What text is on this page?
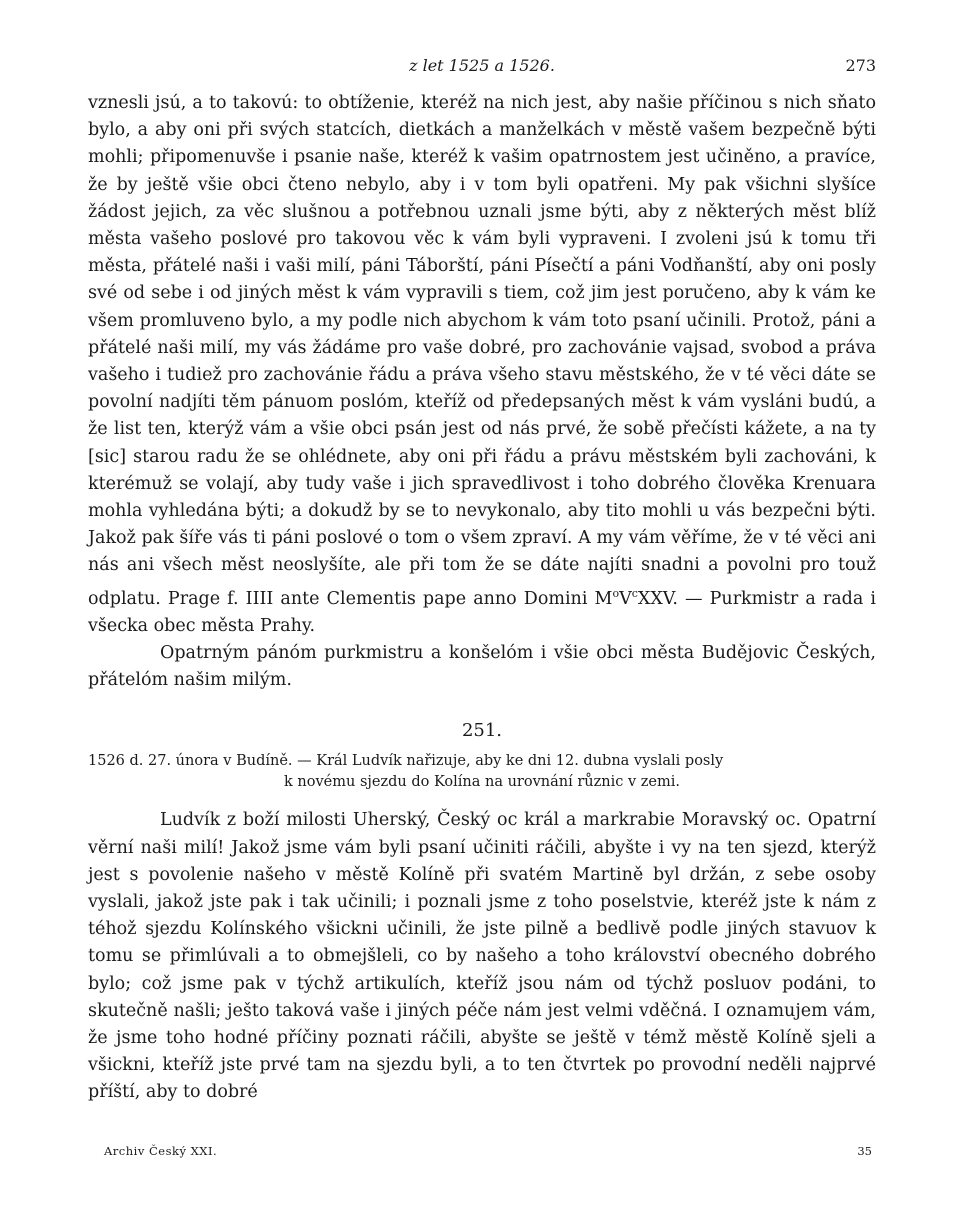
z let 1525 a 1526.	273

vznesli jsú, a to takovú: to obtíženie, kteréž na nich jest, aby našie příčinou s nich sňato bylo, a aby oni při svých statcích, dietkách a manželkách v městě vašem bezpečně býti mohli; připomenuvše i psanie naše, kteréž k vašim opatrnostem jest učiněno, a pravíce, že by ještě všie obci čteno nebylo, aby i v tom byli opatřeni. My pak všichni slyšíce žádost jejich, za věc slušnou a potřebnou uznali jsme býti, aby z některých měst blíž města vašeho poslové pro takovou věc k vám byli vypraveni. I zvoleni jsú k tomu tři města, přátelé naši i vaši milí, páni Táborští, páni Písečtí a páni Vodňanští, aby oni posly své od sebe i od jiných měst k vám vypravili s tiem, což jim jest poručeno, aby k vám ke všem promluveno bylo, a my podle nich abychom k vám toto psaní učinili. Protož, páni a přátelé naši milí, my vás žádáme pro vaše dobré, pro zachovánie vajsad, svobod a práva vašeho i tudiež pro zachovánie řádu a práva všeho stavu městského, že v té věci dáte se povolní nadjíti těm pánuom poslóm, kteříž od předepsaných měst k vám vysláni budú, a že list ten, kterýž vám a všie obci psán jest od nás prvé, že sobě přečísti kážete, a na ty [sic] starou radu že se ohlédnete, aby oni při řádu a právu městském byli zachováni, k kterémuž se volají, aby tudy vaše i jich spravedlivost i toho dobrého člověka Krenuara mohla vyhledána býti; a dokudž by se to nevykonalo, aby tito mohli u vás bezpečni býti. Jakož pak šíře vás ti páni poslové o tom o všem zpraví. A my vám věříme, že v té věci ani nás ani všech měst neoslyšíte, ale při tom že se dáte najíti snadni a povolni pro touž odplatu. Prage f. IIII ante Clementis pape anno Domini $M^oV^cXXV$. — Purkmistr a rada i všecka obec města Prahy.

Opatrným pánóm purkmistru a konšelóm i všie obci města Budějovic Českých, přátelóm našim milým.

251.
1526 d. 27. února v Budíně. — Král Ludvík nařizuje, aby ke dni 12. dubna vyslali posly
k novému sjezdu do Kolína na urovnání různic v zemi.

Ludvík z boží milosti Uherský, Český oc král a markrabie Moravský oc. Opatrní věrní naši milí! Jakož jsme vám byli psaní učiniti ráčili, abyšte i vy na ten sjezd, kterýž jest s povolenie našeho v městě Kolíně při svatém Martině byl držán, z sebe osoby vyslali, jakož jste pak i tak učinili; i poznali jsme z toho poselstvie, kteréž jste k nám z téhož sjezdu Kolínského všickni učinili, že jste pilně a bedlivě podle jiných stavuov k tomu se přimlúvali a to obmejšleli, co by našeho a toho království obecného dobrého bylo; což jsme pak v týchž artikulích, kteříž jsou nám od týchž posluov podáni, to skutečně našli; ješto taková vaše i jiných péče nám jest velmi vděčná. I oznamujem vám, že jsme toho hodné příčiny poznati ráčili, abyšte se ještě v témž městě Kolíně sjeli a všickni, kteříž jste prvé tam na sjezdu byli, a to ten čtvrtek po provodní neděli najprvé příští, aby to dobré

Archiv Český XXI.	35
